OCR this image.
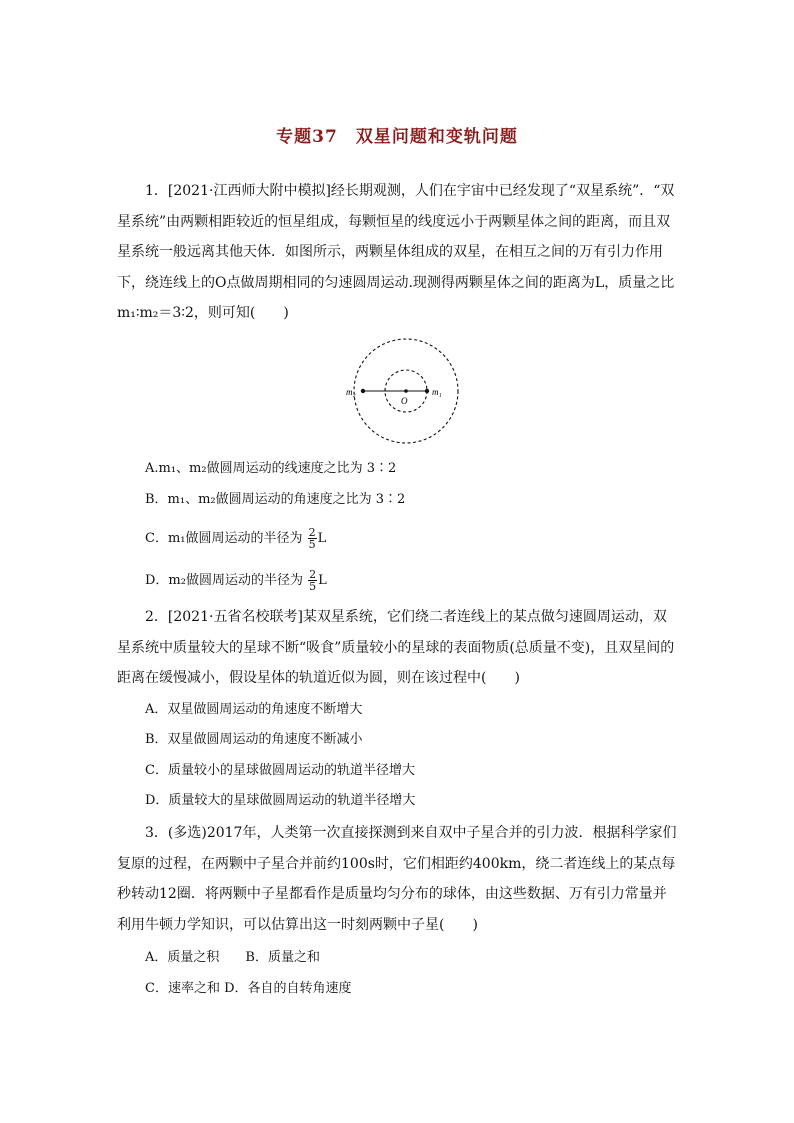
专题37　双星问题和变轨问题
1．[2021·江西师大附中模拟]经长期观测，人们在宇宙中已经发现了“双星系统”．“双星系统”由两颗相距较近的恒星组成，每颗恒星的线度远小于两颗星体之间的距离，而且双星系统一般远离其他天体．如图所示，两颗星体组成的双星，在相互之间的万有引力作用下，绕连线上的O点做周期相同的匀速圆周运动.现测得两颗星体之间的距离为L，质量之比m₁∶m₂＝3∶2，则可知(　　)
m₂
O
m₁
A.m₁、m₂做圆周运动的线速度之比为 3∶2
B．m₁、m₂做圆周运动的角速度之比为 3∶2
C．m₁做圆周运动的半径为 $\frac{2}{5}$ L
D．m₂做圆周运动的半径为 $\frac{2}{5}$ L
2．[2021·五省名校联考]某双星系统，它们绕二者连线上的某点做匀速圆周运动，双星系统中质量较大的星球不断“吸食”质量较小的星球的表面物质(总质量不变)，且双星间的距离在缓慢减小，假设星体的轨道近似为圆，则在该过程中(　　)
A．双星做圆周运动的角速度不断增大
B．双星做圆周运动的角速度不断减小
C．质量较小的星球做圆周运动的轨道半径增大
D．质量较大的星球做圆周运动的轨道半径增大
3．(多选)2017年，人类第一次直接探测到来自双中子星合并的引力波．根据科学家们复原的过程，在两颗中子星合并前约100s时，它们相距约400km，绕二者连线上的某点每秒转动12圈．将两颗中子星都看作是质量均匀分布的球体，由这些数据、万有引力常量并利用牛顿力学知识，可以估算出这一时刻两颗中子星(　　)
A．质量之积　　B．质量之和
C．速率之和 D．各自的自转角速度
